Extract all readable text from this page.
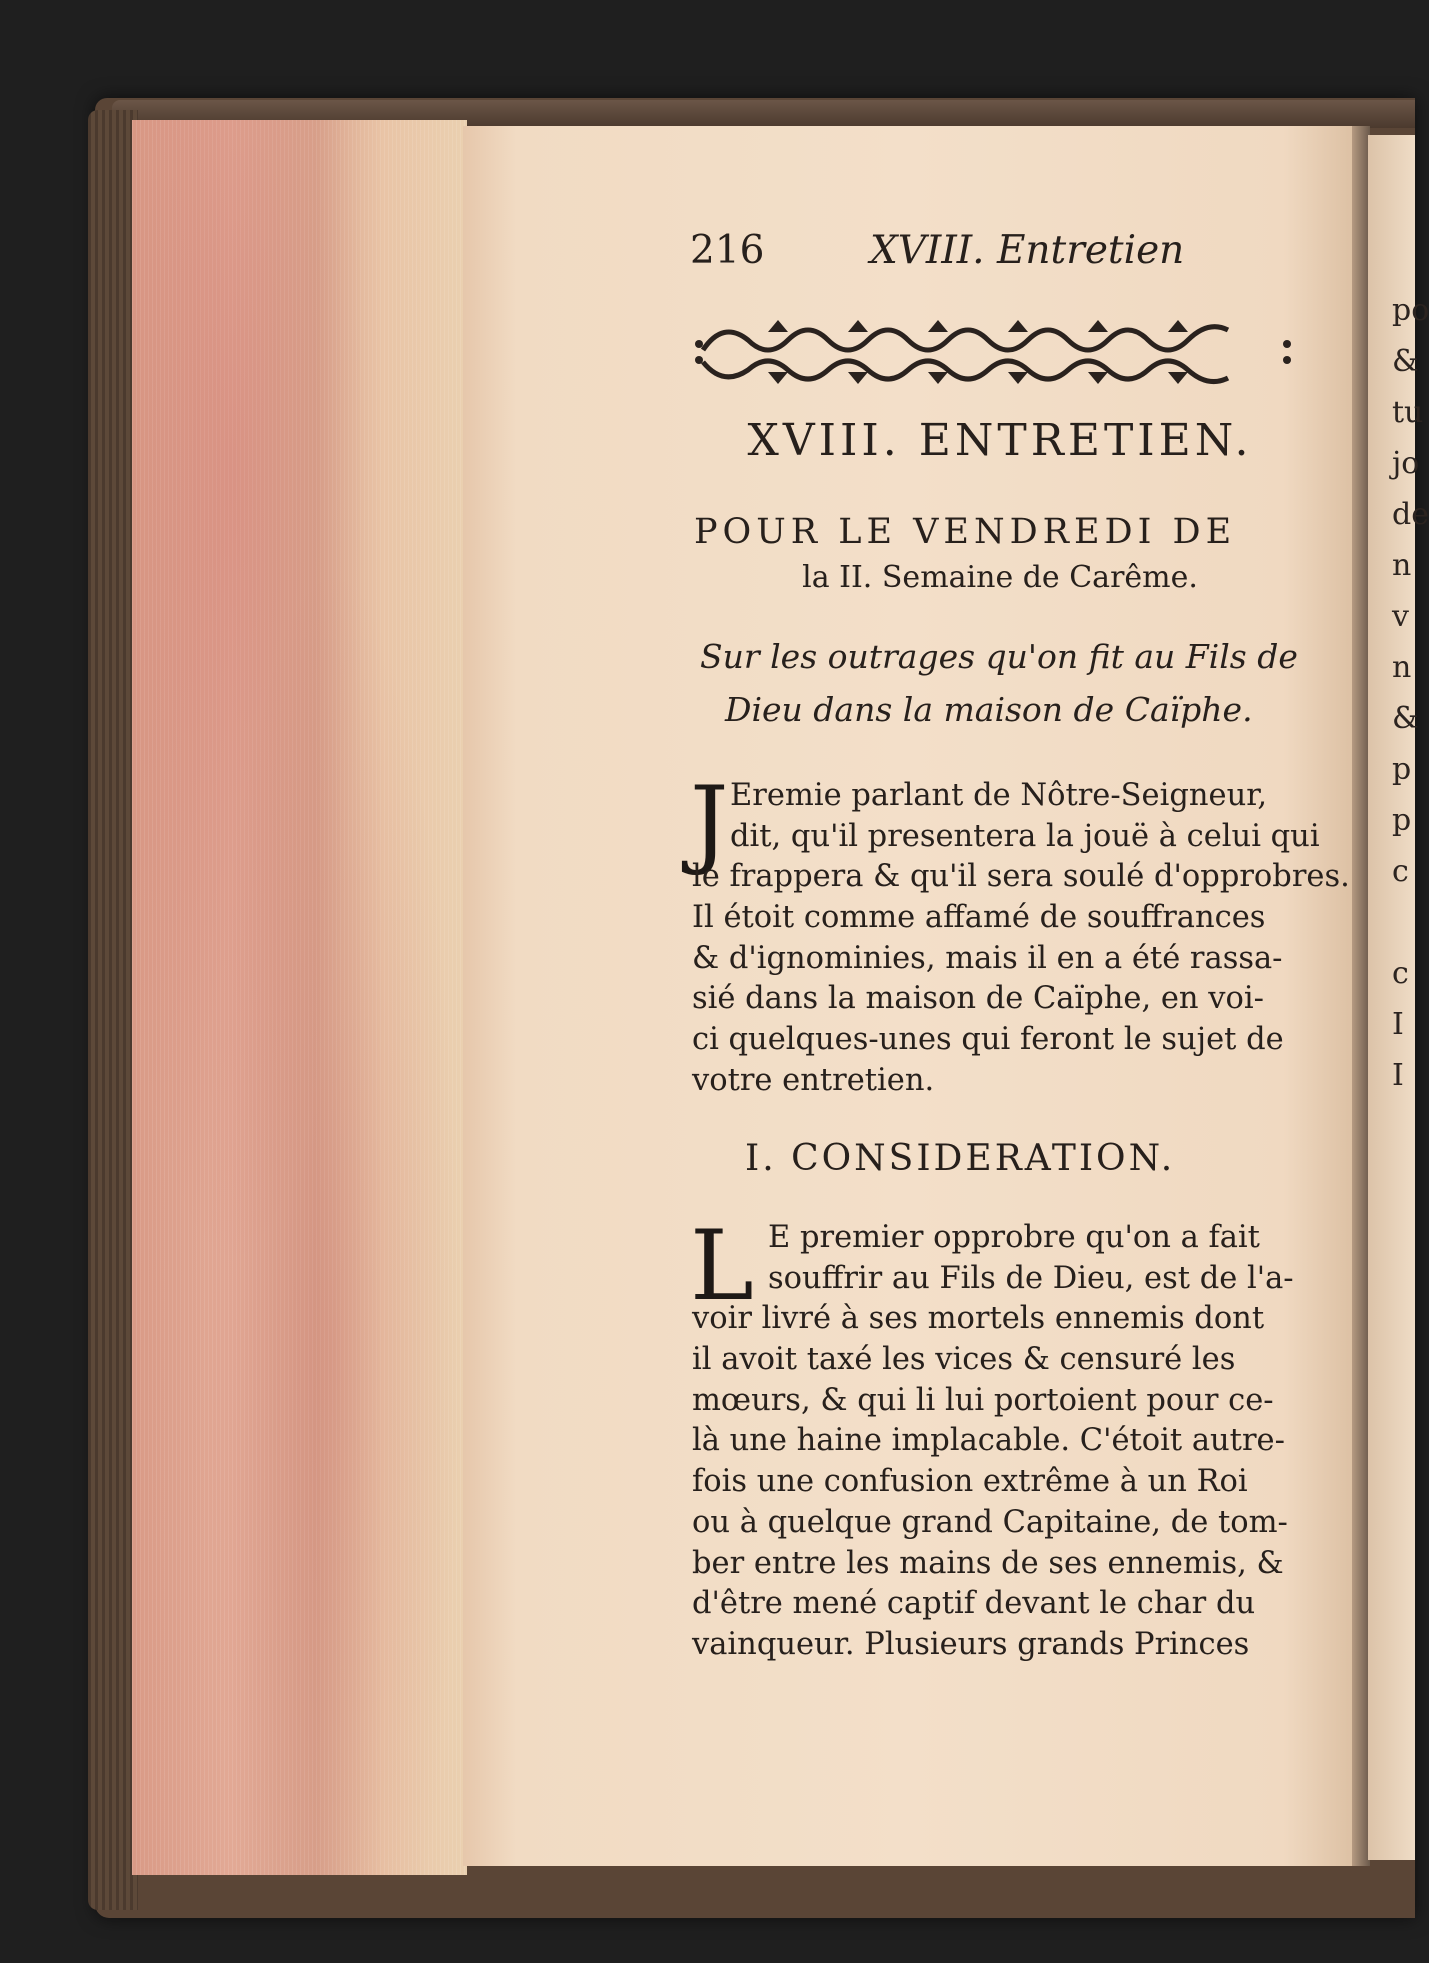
po
&
tu
jo
de
n
v
n
&
p
p
c
c
I
I
216	XVIII. Entretien
XVIII. ENTRETIEN.
POUR LE VENDREDI DE
la II. Semaine de Carême.
Sur les outrages qu'on fit au Fils de
Dieu dans la maison de Caïphe.
J Eremie parlant de Nôtre-Seigneur,
dit, qu'il presentera la jouë à celui qui
le frappera & qu'il sera soulé d'opprobres.
Il étoit comme affamé de souffrances
& d'ignominies, mais il en a été rassa-
sié dans la maison de Caïphe, en voi-
ci quelques-unes qui feront le sujet de
votre entretien.
I. CONSIDERATION.
L E premier opprobre qu'on a fait
souffrir au Fils de Dieu, est de l'a-
voir livré à ses mortels ennemis dont
il avoit taxé les vices & censuré les
mœurs, & qui li lui portoient pour ce-
là une haine implacable. C'étoit autre-
fois une confusion extrême à un Roi
ou à quelque grand Capitaine, de tom-
ber entre les mains de ses ennemis, &
d'être mené captif devant le char du
vainqueur. Plusieurs grands Princes
